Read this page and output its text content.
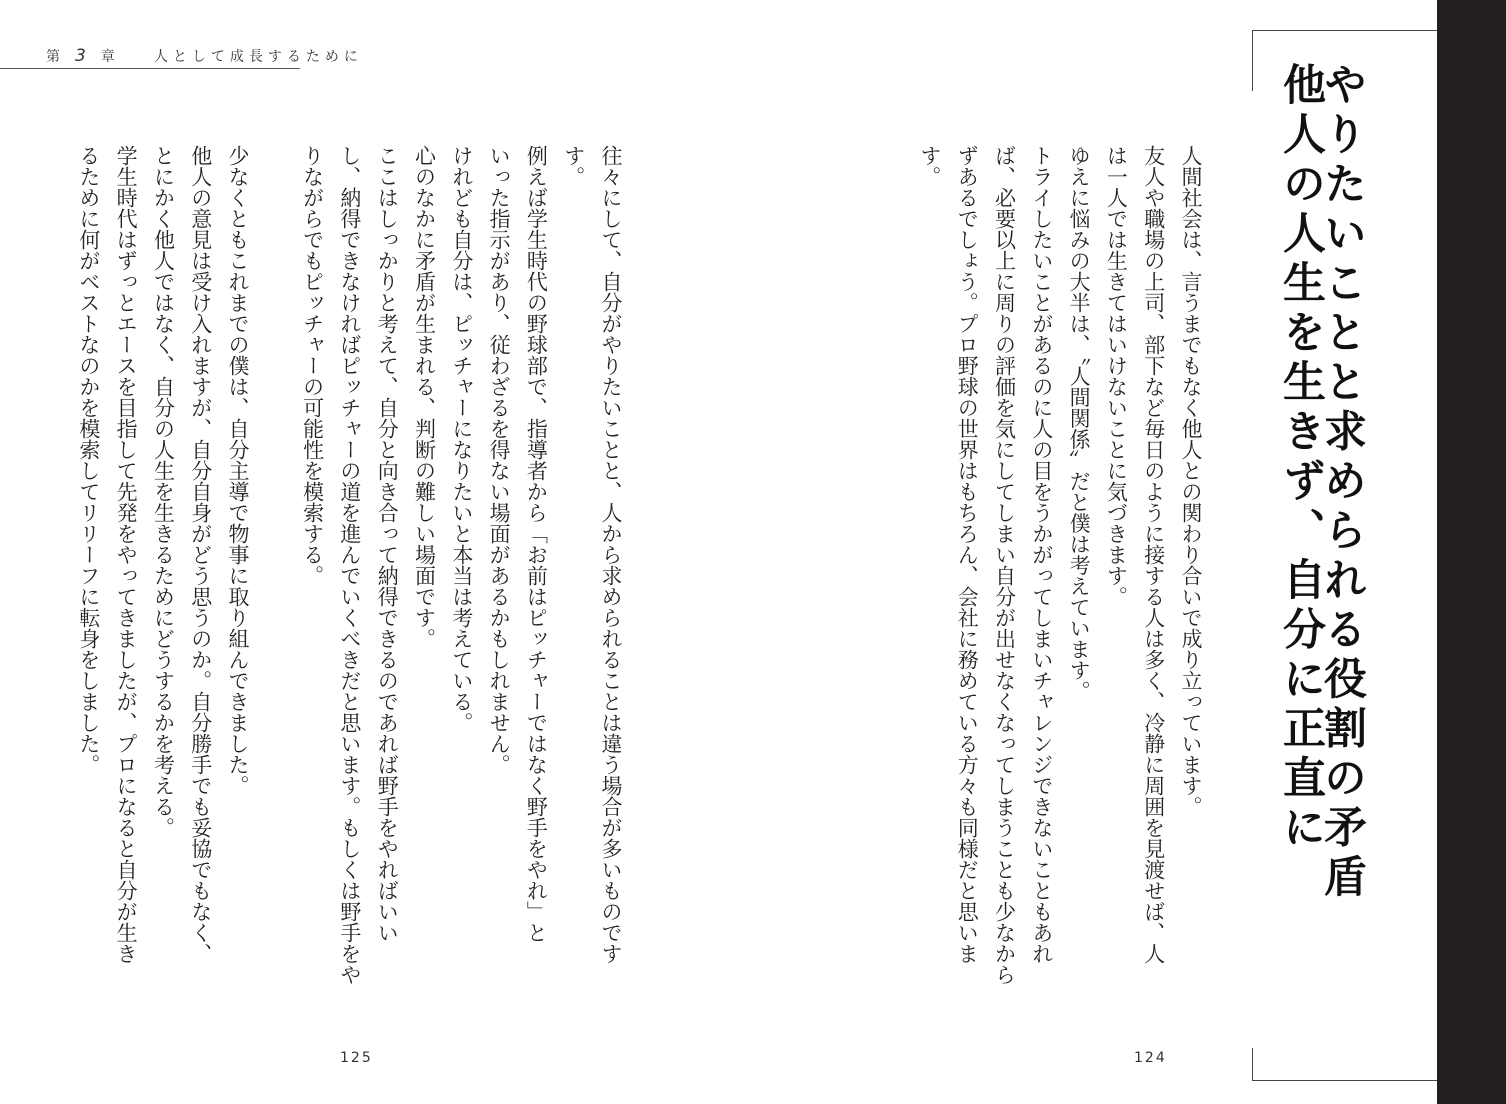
第 3 章 人として成長するために
往々にして、自分がやりたいことと、人から求められることは違う場合が多いものです
す。
例えば学生時代の野球部で、指導者から「お前はピッチャーではなく野手をやれ」と
いった指示があり、従わざるを得ない場面があるかもしれません。
けれども自分は、ピッチャーになりたいと本当は考えている。
心のなかに矛盾が生まれる、判断の難しい場面です。
ここはしっかりと考えて、自分と向き合って納得できるのであれば野手をやればいい
し、納得できなければピッチャーの道を進んでいくべきだと思います。もしくは野手をや
りながらでもピッチャーの可能性を模索する。

少なくともこれまでの僕は、自分主導で物事に取り組んできました。
他人の意見は受け入れますが、自分自身がどう思うのか。自分勝手でも妥協でもなく、
とにかく他人ではなく、自分の人生を生きるためにどうするかを考える。
学生時代はずっとエースを目指して先発をやってきましたが、プロになると自分が生き
るために何がベストなのかを模索してリリーフに転身をしました。	人間社会は、言うまでもなく他人との関わり合いで成り立っています。
友人や職場の上司、部下など毎日のように接する人は多く、冷静に周囲を見渡せば、人
は一人では生きてはいけないことに気づきます。
ゆえに悩みの大半は、〝人間関係〟だと僕は考えています。
トライしたいことがあるのに人の目をうかがってしまいチャレンジできないこともあれ
ば、必要以上に周りの評価を気にしてしまい自分が出せなくなってしまうことも少なから
ずあるでしょう。プロ野球の世界はもちろん、会社に務めている方々も同様だと思いま
す。	やりたいことと求められる役割の矛盾
他人の人生を生きず、自分に正直に
125	124
